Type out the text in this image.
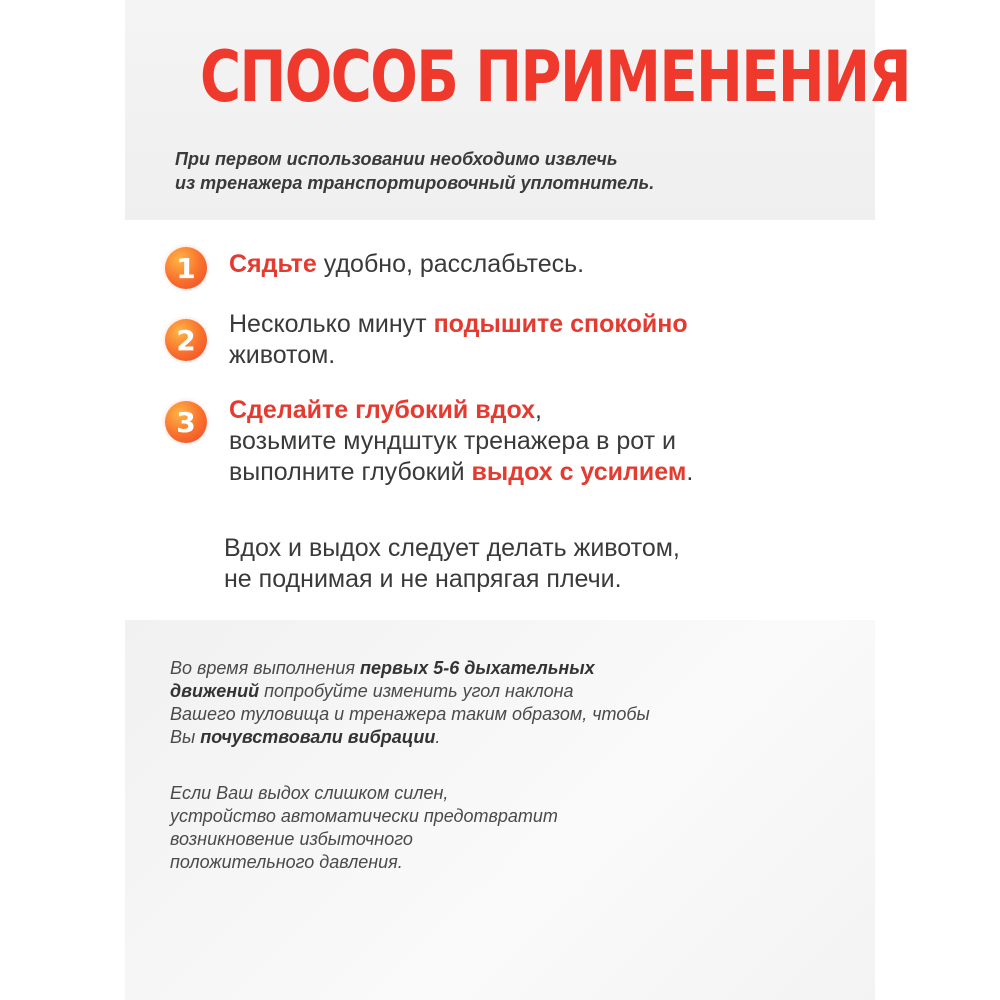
СПОСОБ ПРИМЕНЕНИЯ
При первом использовании необходимо извлечь
из тренажера транспортировочный уплотнитель.
1	Сядьте удобно, расслабьтесь.
2	Несколько минут подышите спокойно
животом.
3	Сделайте глубокий вдох,
возьмите мундштук тренажера в рот и
выполните глубокий выдох с усилием.
Вдох и выдох следует делать животом,
не поднимая и не напрягая плечи.
Во время выполнения первых 5-6 дыхательных
движений попробуйте изменить угол наклона
Вашего туловища и тренажера таким образом, чтобы
Вы почувствовали вибрации.
Если Ваш выдох слишком силен,
устройство автоматически предотвратит
возникновение избыточного
положительного давления.
